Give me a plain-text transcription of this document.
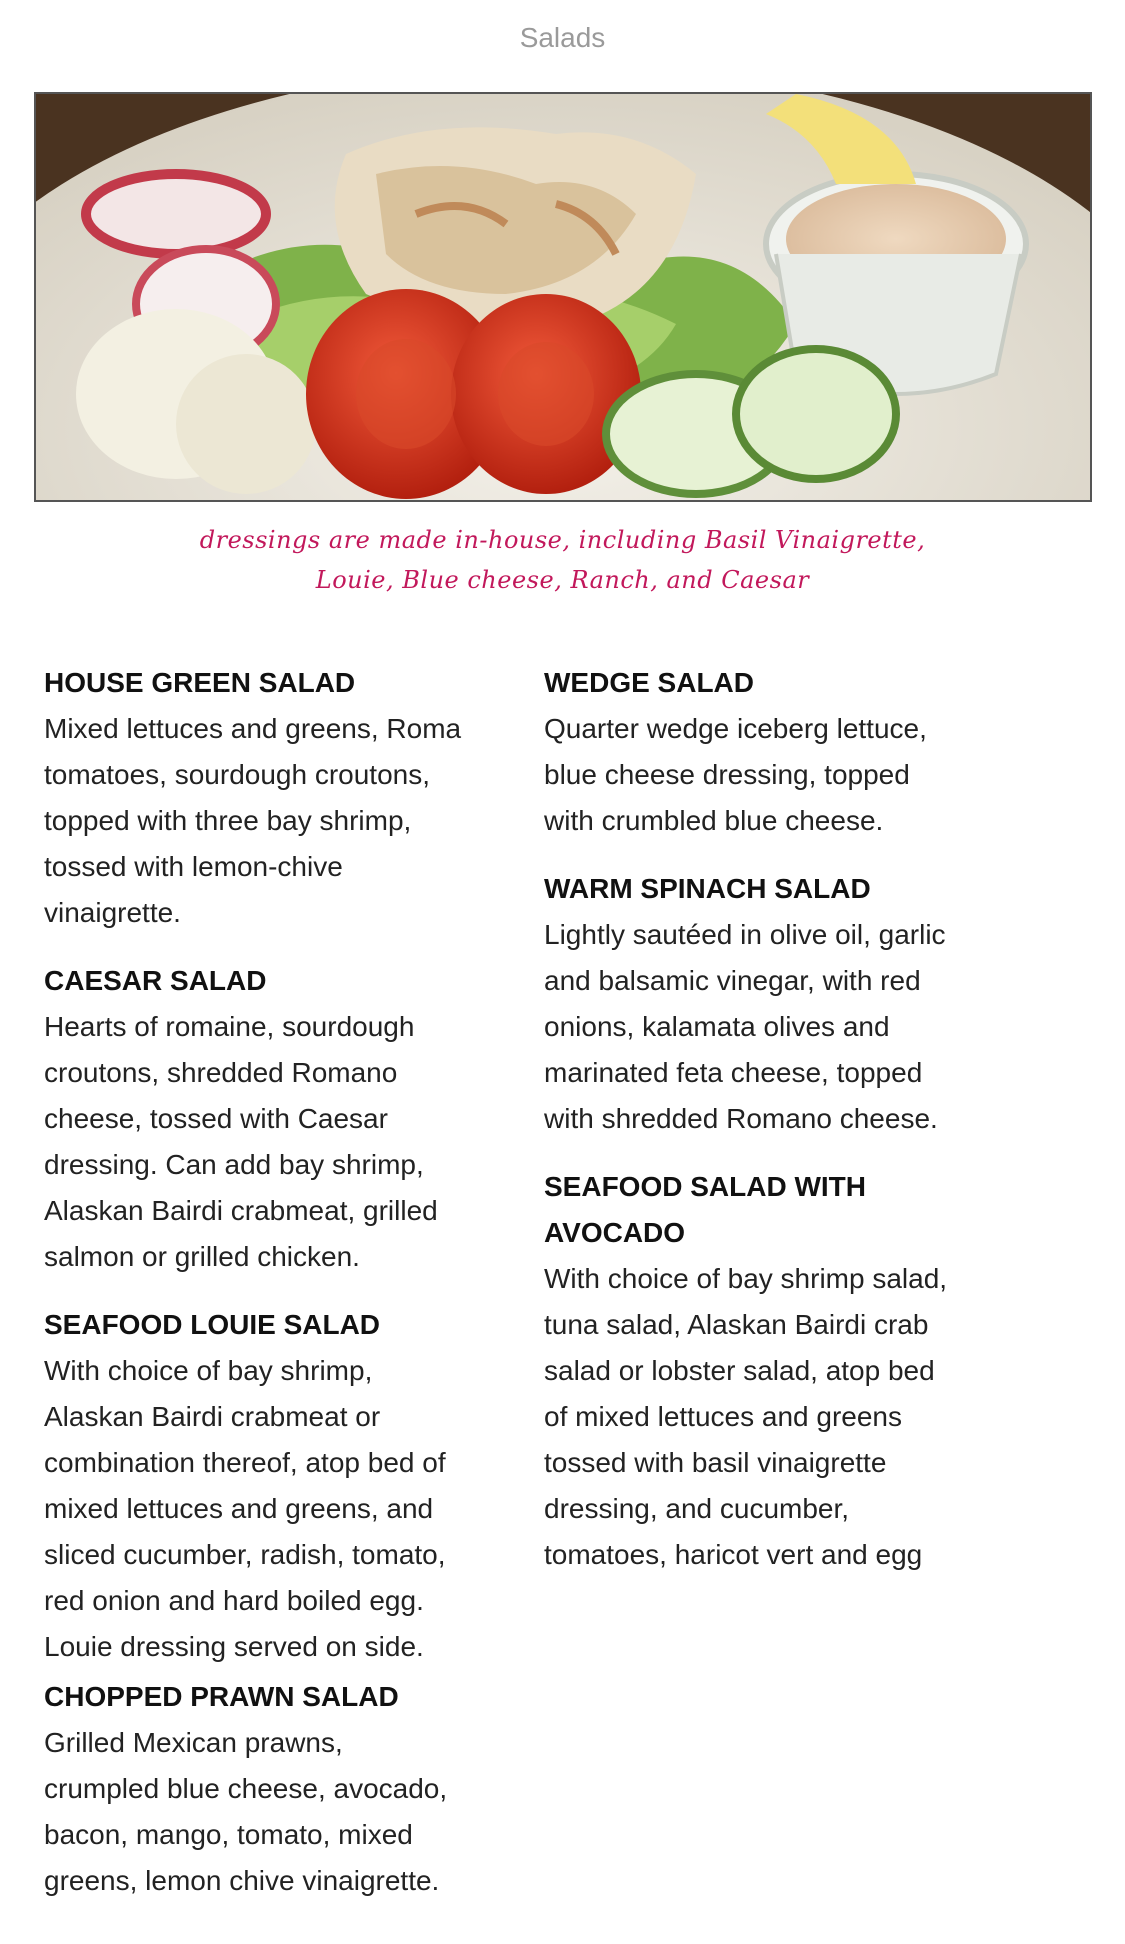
Salads
dressings are made in-house, including Basil Vinaigrette,
Louie, Blue cheese, Ranch, and Caesar
HOUSE GREEN SALAD
Mixed lettuces and greens, Roma
tomatoes, sourdough croutons,
topped with three bay shrimp,
tossed with lemon-chive
vinaigrette.
CAESAR SALAD
Hearts of romaine, sourdough
croutons, shredded Romano
cheese, tossed with Caesar
dressing. Can add bay shrimp,
Alaskan Bairdi crabmeat, grilled
salmon or grilled chicken.
SEAFOOD LOUIE SALAD
With choice of bay shrimp,
Alaskan Bairdi crabmeat or
combination thereof, atop bed of
mixed lettuces and greens, and
sliced cucumber, radish, tomato,
red onion and hard boiled egg.
Louie dressing served on side.
CHOPPED PRAWN SALAD
Grilled Mexican prawns,
crumpled blue cheese, avocado,
bacon, mango, tomato, mixed
greens, lemon chive vinaigrette.
WEDGE SALAD
Quarter wedge iceberg lettuce,
blue cheese dressing, topped
with crumbled blue cheese.
WARM SPINACH SALAD
Lightly sautéed in olive oil, garlic
and balsamic vinegar, with red
onions, kalamata olives and
marinated feta cheese, topped
with shredded Romano cheese.
SEAFOOD SALAD WITH
AVOCADO
With choice of bay shrimp salad,
tuna salad, Alaskan Bairdi crab
salad or lobster salad, atop bed
of mixed lettuces and greens
tossed with basil vinaigrette
dressing, and cucumber,
tomatoes, haricot vert and egg
